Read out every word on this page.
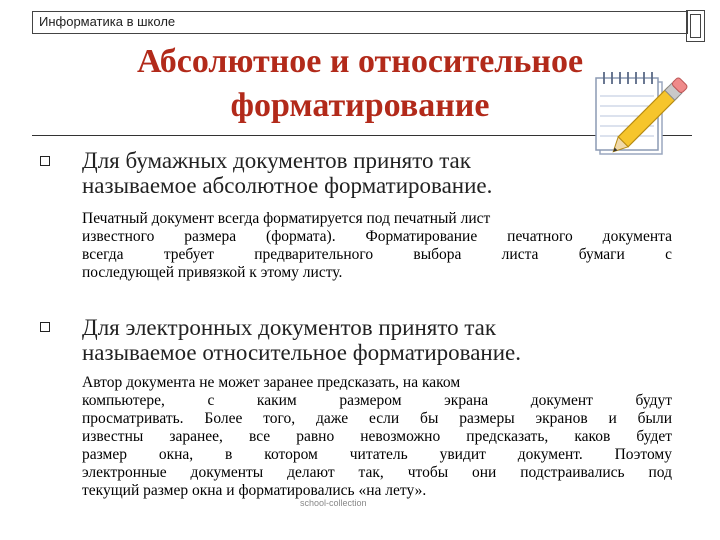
Информатика в школе
Абсолютное и относительное
форматирование
Для бумажных документов принято так
называемое абсолютное форматирование.
Печатный документ всегда форматируется под печатный лист
известного размера (формата). Форматирование печатного документа
всегда требует предварительного выбора листа бумаги с
последующей привязкой к этому листу.
Для электронных документов принято так
называемое относительное форматирование.
Автор документа не может заранее предсказать, на каком
компьютере, с каким размером экрана документ будут
просматривать. Более того, даже если бы размеры экранов и были
известны заранее, все равно невозможно предсказать, каков будет
размер окна, в котором читатель увидит документ. Поэтому
электронные документы делают так, чтобы они подстраивались под
текущий размер окна и форматировались «на лету».
school-collection
